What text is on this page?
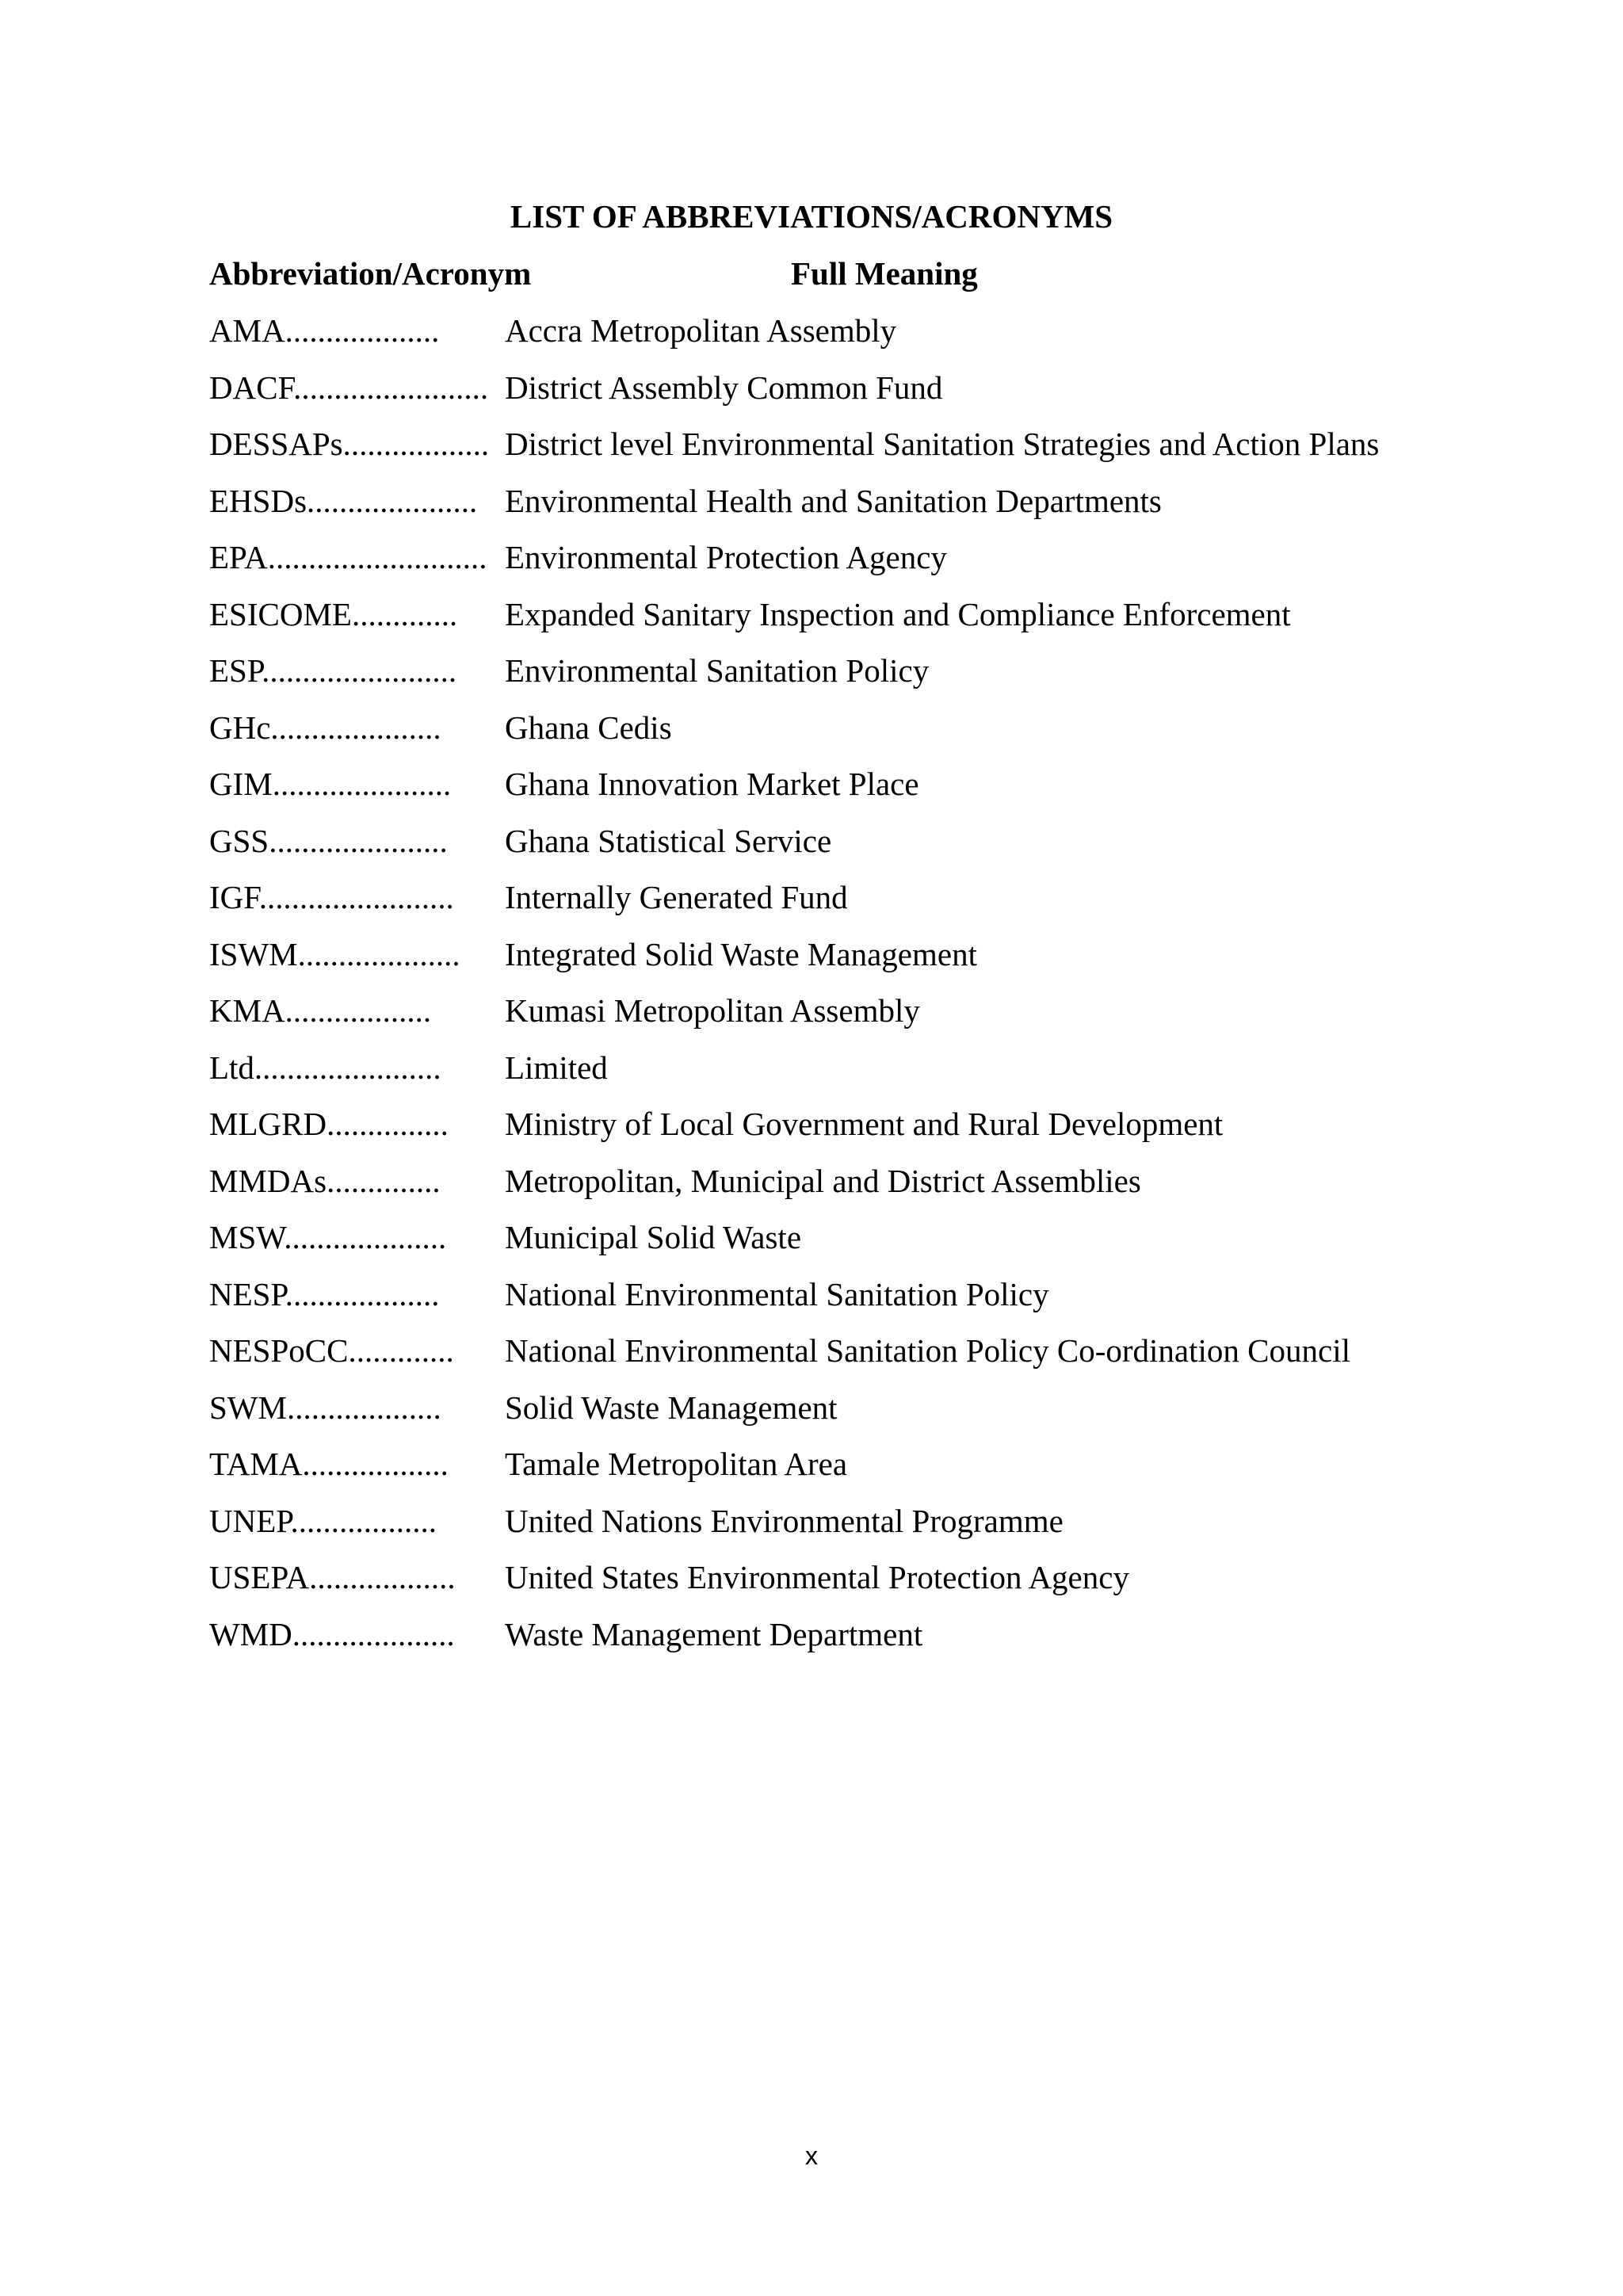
LIST OF ABBREVIATIONS/ACRONYMS
Abbreviation/Acronym	Full Meaning
AMA................... Accra Metropolitan Assembly
DACF........................ District Assembly Common Fund
DESSAPs.................. District level Environmental Sanitation Strategies and Action Plans
EHSDs..................... Environmental Health and Sanitation Departments
EPA........................... Environmental Protection Agency
ESICOME............. Expanded Sanitary Inspection and Compliance Enforcement
ESP........................ Environmental Sanitation Policy
GHc..................... Ghana Cedis
GIM...................... Ghana Innovation Market Place
GSS...................... Ghana Statistical Service
IGF........................ Internally Generated Fund
ISWM.................... Integrated Solid Waste Management
KMA.................. Kumasi Metropolitan Assembly
Ltd....................... Limited
MLGRD............... Ministry of Local Government and Rural Development
MMDAs.............. Metropolitan, Municipal and District Assemblies
MSW.................... Municipal Solid Waste
NESP................... National Environmental Sanitation Policy
NESPoCC............. National Environmental Sanitation Policy Co-ordination Council
SWM................... Solid Waste Management
TAMA.................. Tamale Metropolitan Area
UNEP.................. United Nations Environmental Programme
USEPA.................. United States Environmental Protection Agency
WMD.................... Waste Management Department
x
